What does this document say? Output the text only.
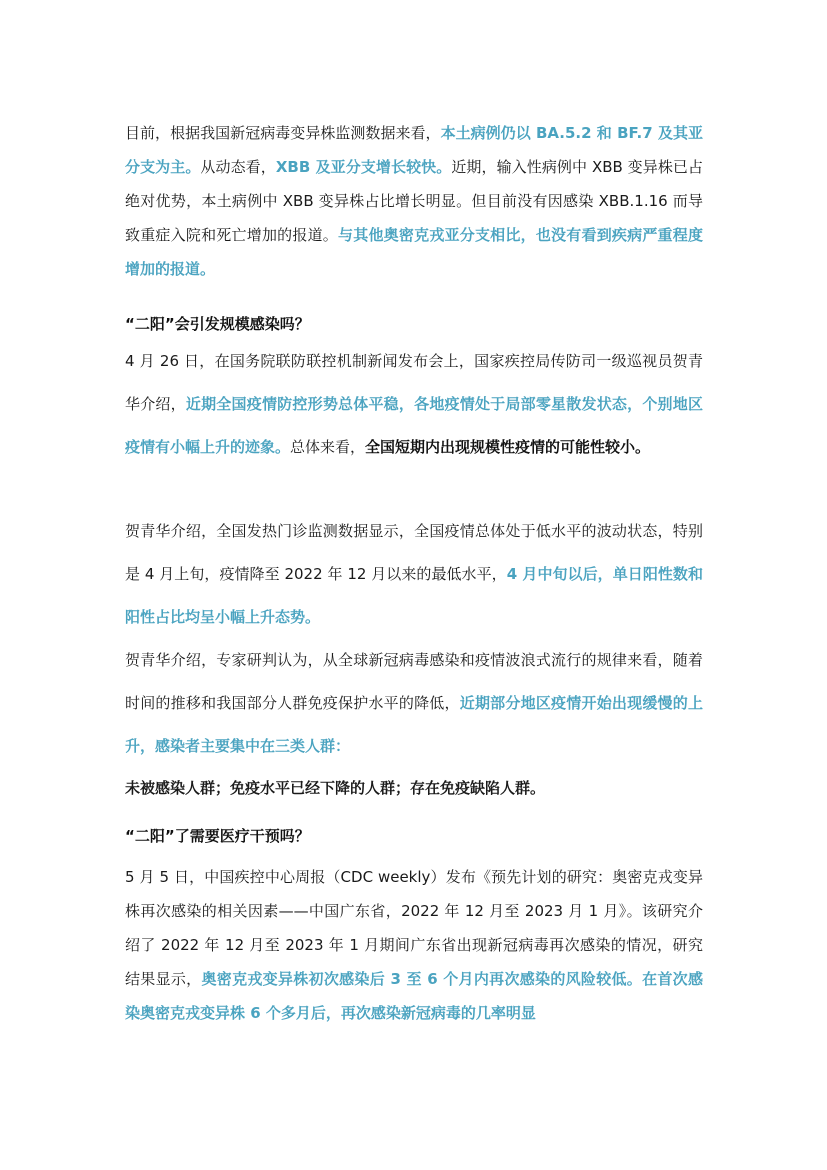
目前，根据我国新冠病毒变异株监测数据来看，本土病例仍以 BA.5.2 和 BF.7 及其亚分支为主。从动态看，XBB 及亚分支增长较快。近期，输入性病例中 XBB 变异株已占绝对优势，本土病例中 XBB 变异株占比增长明显。但目前没有因感染 XBB.1.16 而导致重症入院和死亡增加的报道。与其他奥密克戎亚分支相比，也没有看到疾病严重程度增加的报道。

“二阳”会引发规模感染吗？

4 月 26 日，在国务院联防联控机制新闻发布会上，国家疾控局传防司一级巡视员贺青华介绍，近期全国疫情防控形势总体平稳，各地疫情处于局部零星散发状态，个别地区疫情有小幅上升的迹象。总体来看，全国短期内出现规模性疫情的可能性较小。

贺青华介绍，全国发热门诊监测数据显示，全国疫情总体处于低水平的波动状态，特别是 4 月上旬，疫情降至 2022 年 12 月以来的最低水平，4 月中旬以后，单日阳性数和阳性占比均呈小幅上升态势。

贺青华介绍，专家研判认为，从全球新冠病毒感染和疫情波浪式流行的规律来看，随着时间的推移和我国部分人群免疫保护水平的降低，近期部分地区疫情开始出现缓慢的上升，感染者主要集中在三类人群：

未被感染人群；免疫水平已经下降的人群；存在免疫缺陷人群。

“二阳”了需要医疗干预吗？

5 月 5 日，中国疾控中心周报（CDC weekly）发布《预先计划的研究：奥密克戎变异株再次感染的相关因素——中国广东省，2022 年 12 月至 2023 月 1 月》。该研究介绍了 2022 年 12 月至 2023 年 1 月期间广东省出现新冠病毒再次感染的情况，研究结果显示，奥密克戎变异株初次感染后 3 至 6 个月内再次感染的风险较低。在首次感染奥密克戎变异株 6 个多月后，再次感染新冠病毒的几率明显
